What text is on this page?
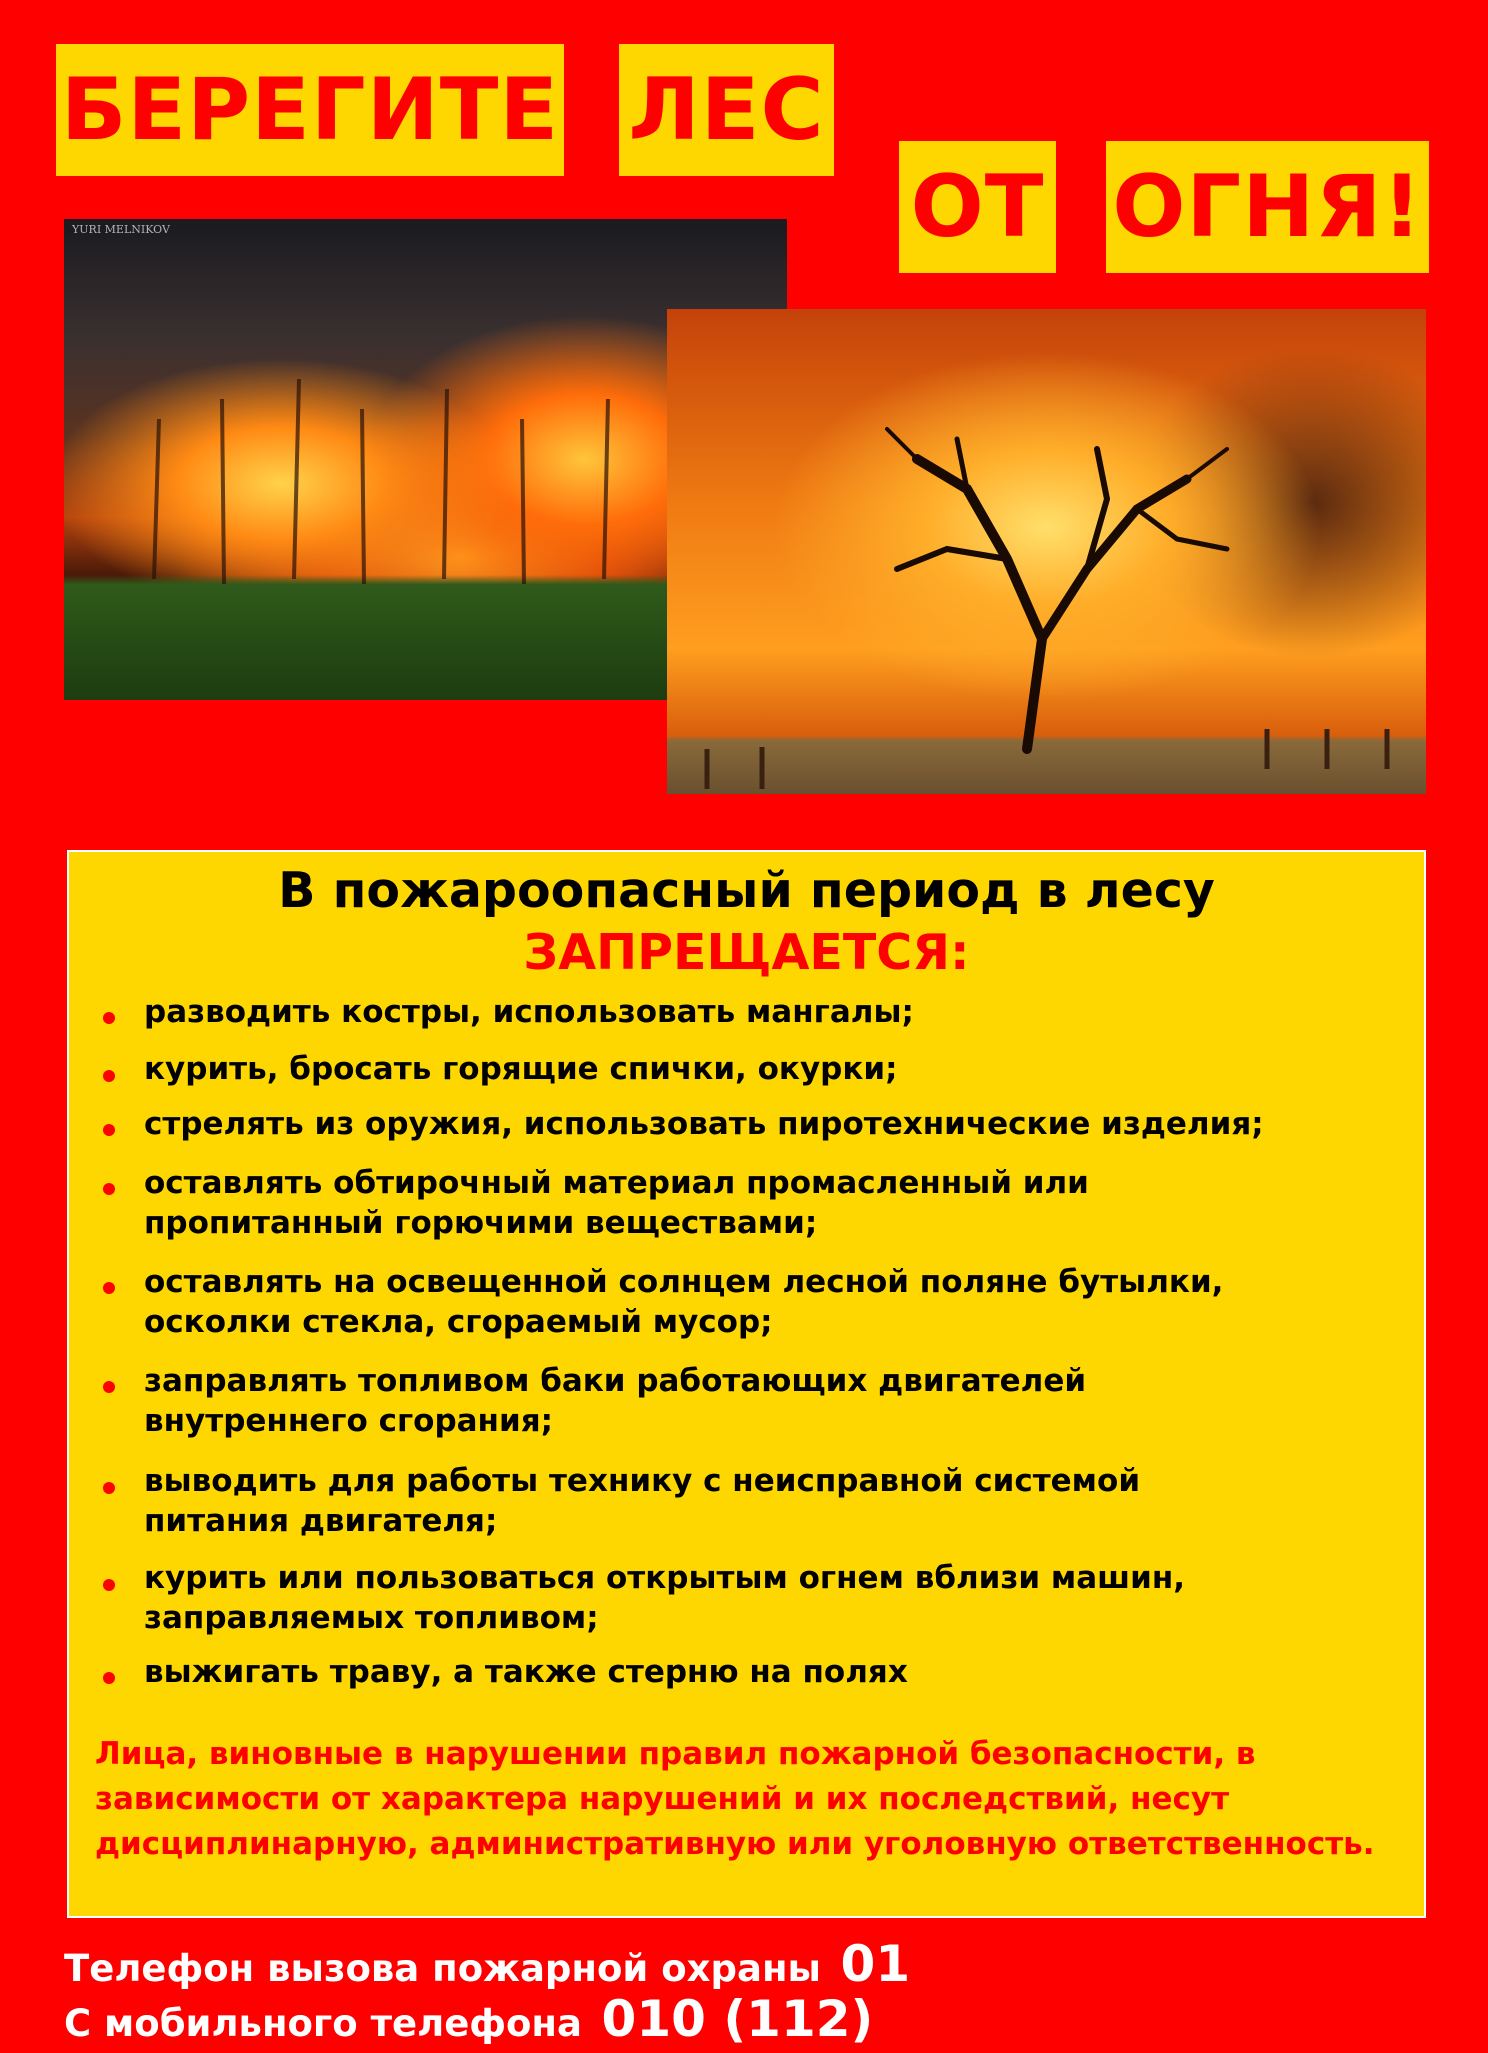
БЕРЕГИТЕ ЛЕС
ОТ ОГНЯ!
YURI MELNIKOV
В пожароопасный период в лесу
ЗАПРЕЩАЕТСЯ:
разводить костры, использовать мангалы;
курить, бросать горящие спички, окурки;
стрелять из оружия, использовать пиротехнические изделия;
оставлять обтирочный материал промасленный или
пропитанный горючими веществами;
оставлять на освещенной солнцем лесной поляне бутылки,
осколки стекла, сгораемый мусор;
заправлять топливом баки работающих двигателей
внутреннего сгорания;
выводить для работы технику с неисправной системой
питания двигателя;
курить или пользоваться открытым огнем вблизи машин,
заправляемых топливом;
выжигать траву, а также стерню на полях
Лица, виновные в нарушении правил пожарной безопасности, в зависимости от характера нарушений и их последствий, несут дисциплинарную, административную или уголовную ответственность.
Телефон вызова пожарной охраны 01
С мобильного телефона 010 (112)
